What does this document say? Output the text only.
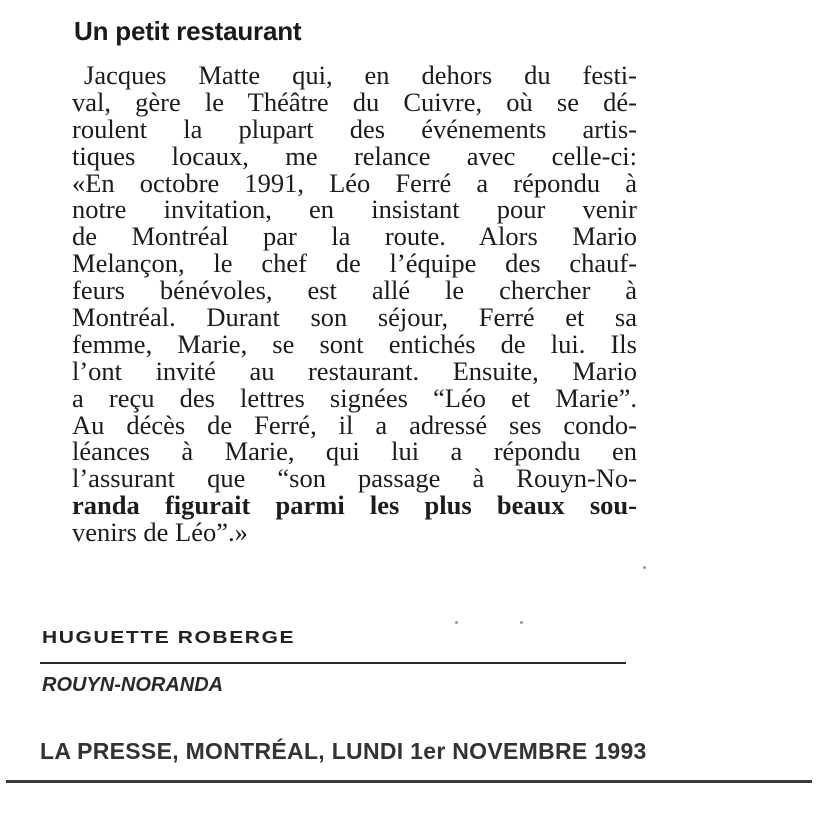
Un petit restaurant
Jacques Matte qui, en dehors du festi-
val, gère le Théâtre du Cuivre, où se dé-
roulent la plupart des événements artis-
tiques locaux, me relance avec celle-ci:
«En octobre 1991, Léo Ferré a répondu à
notre invitation, en insistant pour venir
de Montréal par la route. Alors Mario
Melançon, le chef de l’équipe des chauf-
feurs bénévoles, est allé le chercher à
Montréal. Durant son séjour, Ferré et sa
femme, Marie, se sont entichés de lui. Ils
l’ont invité au restaurant. Ensuite, Mario
a reçu des lettres signées “Léo et Marie”.
Au décès de Ferré, il a adressé ses condo-
léances à Marie, qui lui a répondu en
l’assurant que “son passage à Rouyn-No-
randa figurait parmi les plus beaux sou-
venirs de Léo”.»
HUGUETTE ROBERGE
ROUYN-NORANDA
LA PRESSE, MONTRÉAL, LUNDI 1er NOVEMBRE 1993
